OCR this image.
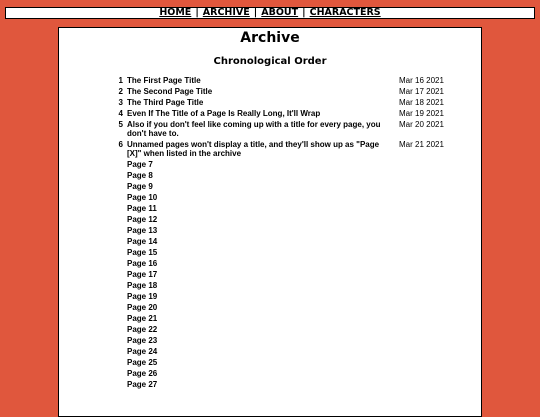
HOME | ARCHIVE | ABOUT | CHARACTERS
Archive
Chronological Order
1	The First Page Title	Mar 16 2021
2	The Second Page Title	Mar 17 2021
3	The Third Page Title	Mar 18 2021
4	Even If The Title of a Page Is Really Long, It'll Wrap	Mar 19 2021
5	Also if you don't feel like coming up with a title for every page, you don't have to.	Mar 20 2021
6	Unnamed pages won't display a title, and they'll show up as "Page [X]" when listed in the archive	Mar 21 2021
	Page 7	
	Page 8	
	Page 9	
	Page 10	
	Page 11	
	Page 12	
	Page 13	
	Page 14	
	Page 15	
	Page 16	
	Page 17	
	Page 18	
	Page 19	
	Page 20	
	Page 21	
	Page 22	
	Page 23	
	Page 24	
	Page 25	
	Page 26	
	Page 27	
